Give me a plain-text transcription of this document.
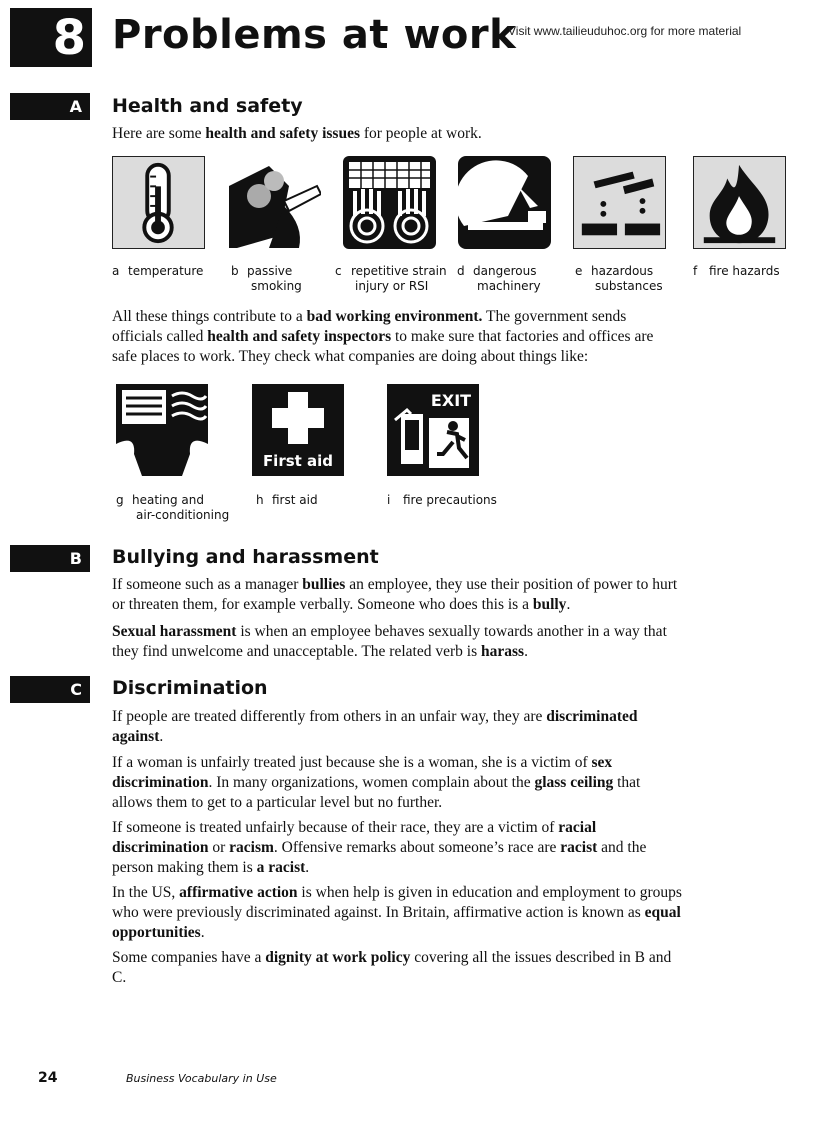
8 Problems at work
Visit www.tailieuduhoc.org for more material
A	Health and safety
Here are some health and safety issues for people at work.
a temperature b passive
smoking
c repetitive strain
injury or RSI
d dangerous
machinery
e hazardous
substances
f fire hazards
All these things contribute to a bad working environment. The government sends officials called health and safety inspectors to make sure that factories and offices are safe places to work. They check what companies are doing about things like:
First aid
EXIT
g heating and
air-conditioning
h first aid	i fire precautions
B	Bullying and harassment
If someone such as a manager bullies an employee, they use their position of power to hurt or threaten them, for example verbally. Someone who does this is a bully.
Sexual harassment is when an employee behaves sexually towards another in a way that they find unwelcome and unacceptable. The related verb is harass.
C	Discrimination
If people are treated differently from others in an unfair way, they are discriminated against.
If a woman is unfairly treated just because she is a woman, she is a victim of sex discrimination. In many organizations, women complain about the glass ceiling that allows them to get to a particular level but no further.
If someone is treated unfairly because of their race, they are a victim of racial discrimination or racism. Offensive remarks about someone’s race are racist and the person making them is a racist.
In the US, affirmative action is when help is given in education and employment to groups who were previously discriminated against. In Britain, affirmative action is known as equal opportunities.
Some companies have a dignity at work policy covering all the issues described in B and C.
24	Business Vocabulary in Use
